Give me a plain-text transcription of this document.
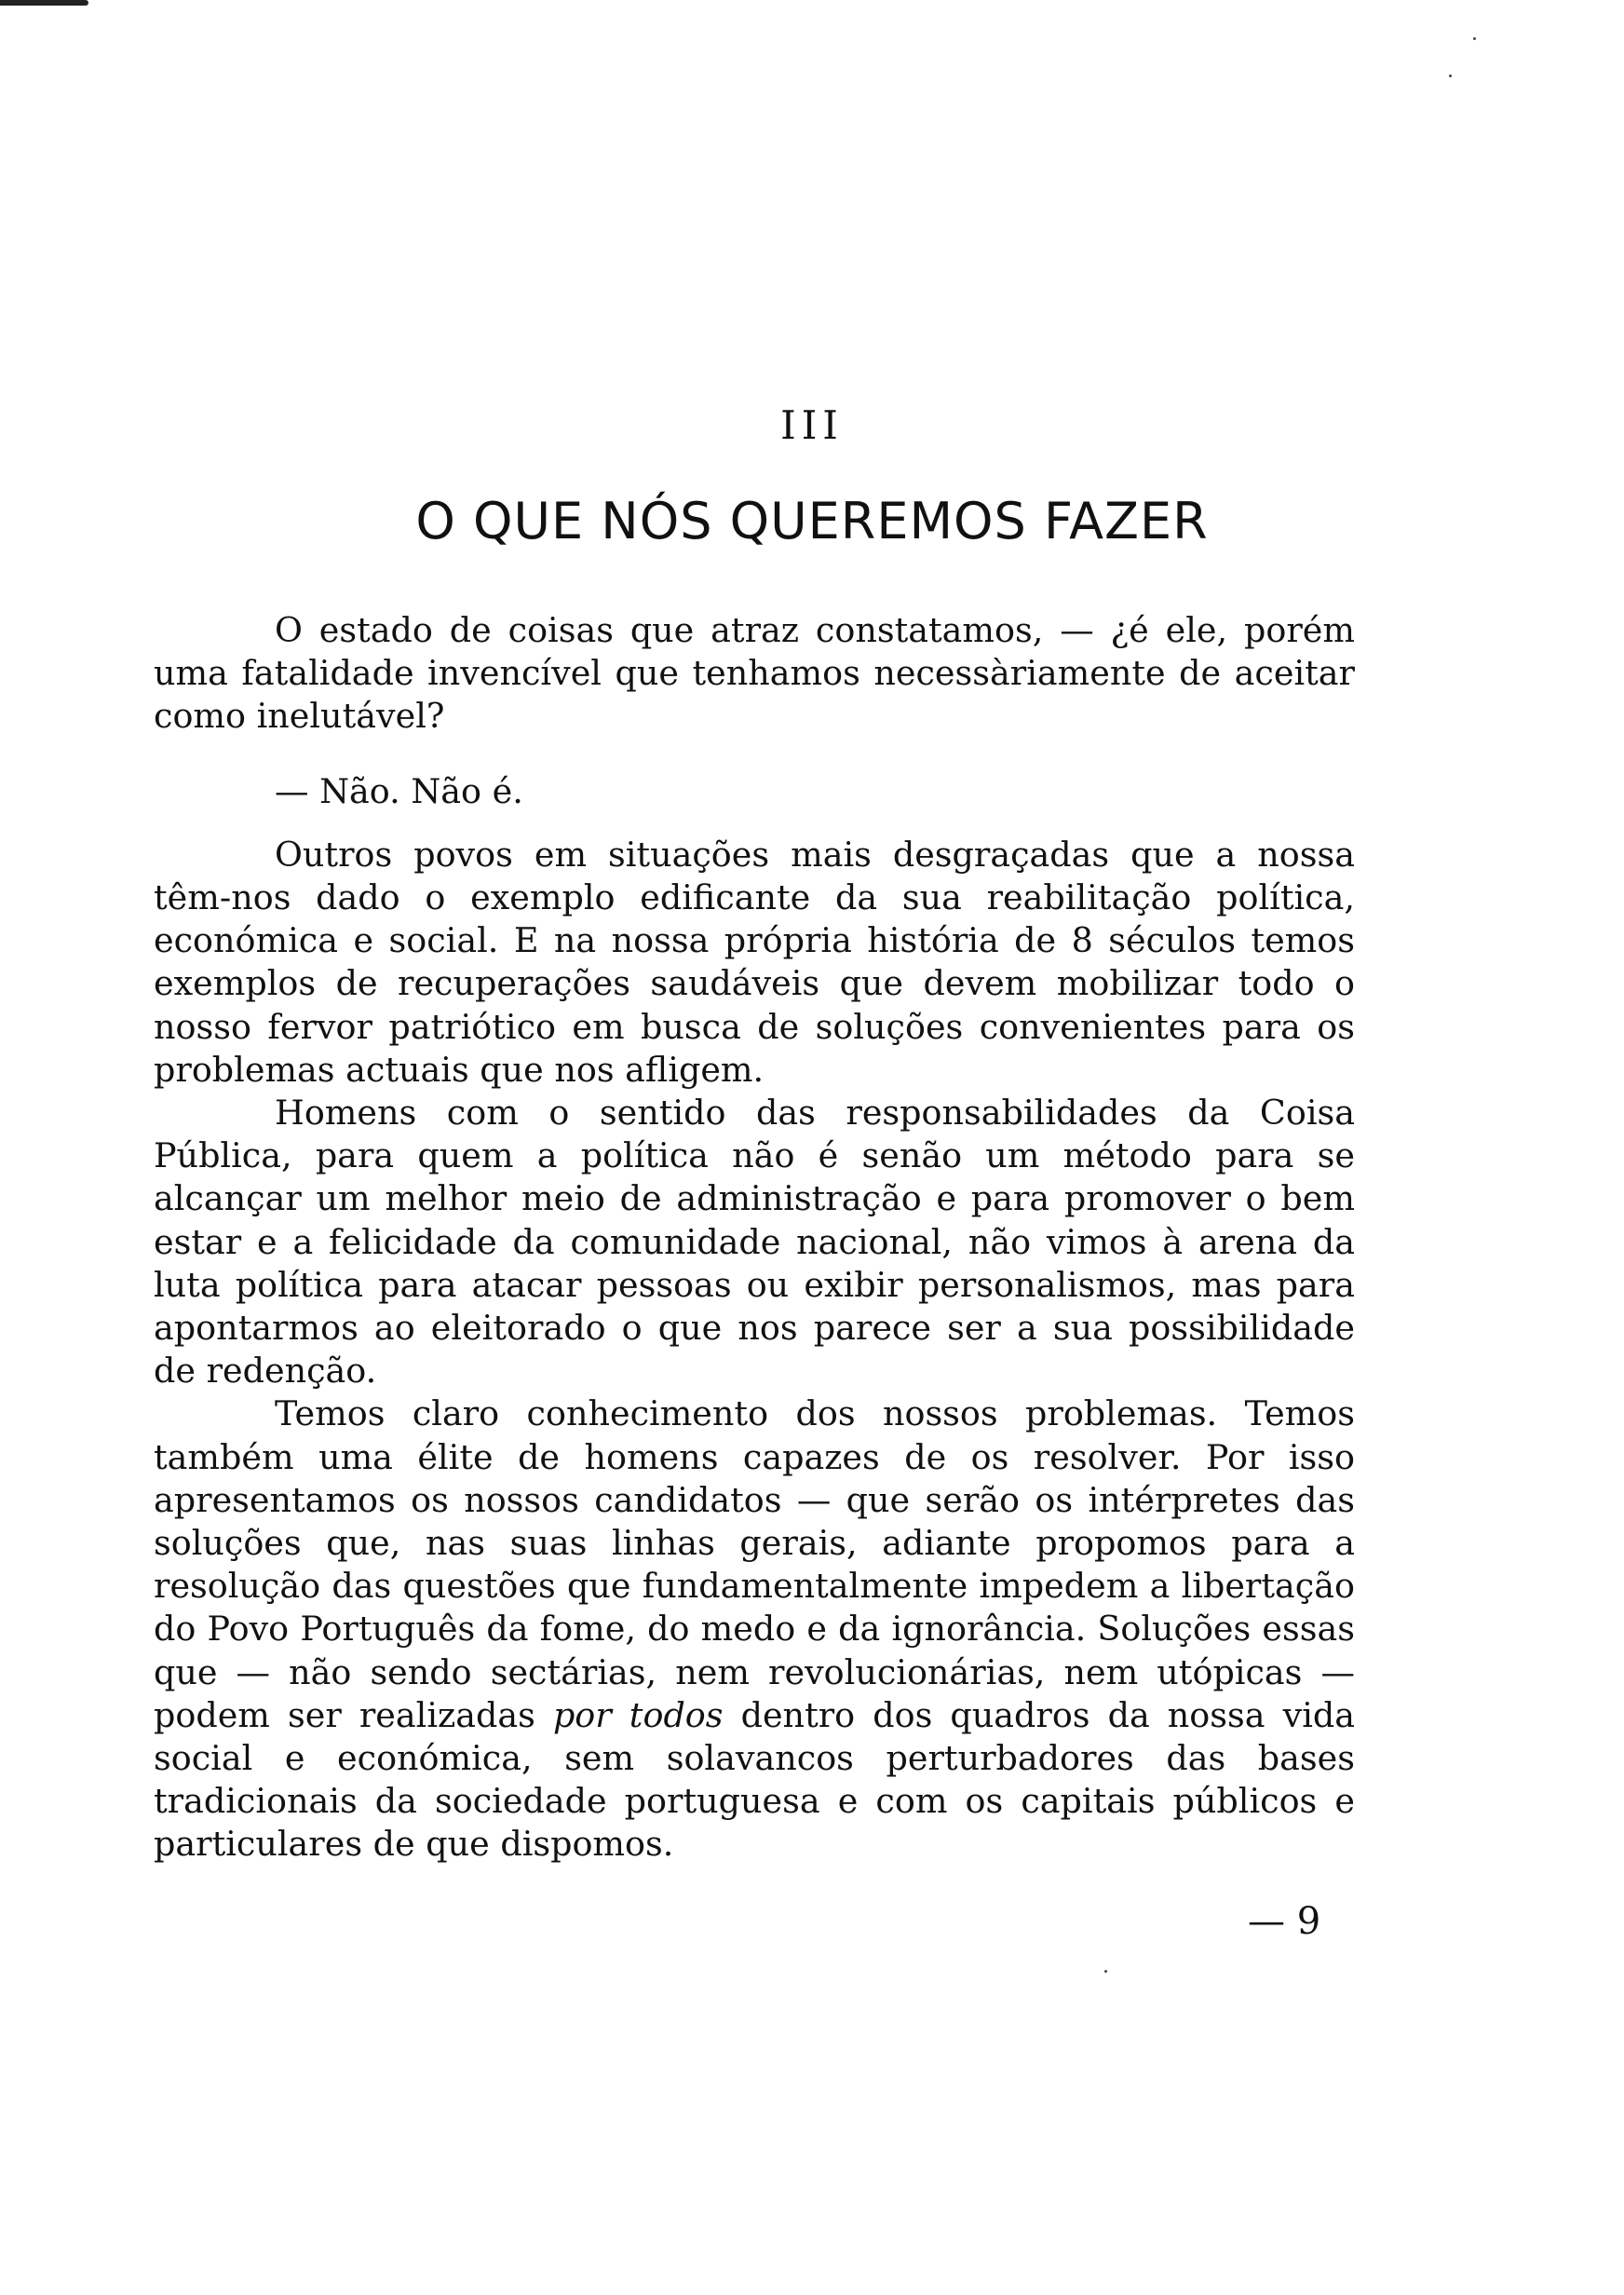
III
O QUE NÓS QUEREMOS FAZER

O estado de coisas que atraz constatamos, — ¿é ele, porém uma fatalidade invencível que tenhamos necessàriamente de aceitar como inelutável?

— Não. Não é.

Outros povos em situações mais desgraçadas que a nossa têm-nos dado o exemplo edificante da sua reabilitação política, económica e social. E na nossa própria história de 8 séculos temos exemplos de recuperações saudáveis que devem mobilizar todo o nosso fervor patriótico em busca de soluções convenientes para os problemas actuais que nos afligem.

Homens com o sentido das responsabilidades da Coisa Pública, para quem a política não é senão um método para se alcançar um melhor meio de administração e para promover o bem estar e a felicidade da comunidade nacional, não vimos à arena da luta política para atacar pessoas ou exibir personalismos, mas para apontarmos ao eleitorado o que nos parece ser a sua possibilidade de redenção.

Temos claro conhecimento dos nossos problemas. Temos também uma élite de homens capazes de os resolver. Por isso apresentamos os nossos candidatos — que serão os intérpretes das soluções que, nas suas linhas gerais, adiante propomos para a resolução das questões que fundamentalmente impedem a libertação do Povo Português da fome, do medo e da ignorância. Soluções essas que — não sendo sectárias, nem revolucionárias, nem utópicas — podem ser realizadas por todos dentro dos quadros da nossa vida social e económica, sem solavancos perturbadores das bases tradicionais da sociedade portuguesa e com os capitais públicos e particulares de que dispomos.

— 9
